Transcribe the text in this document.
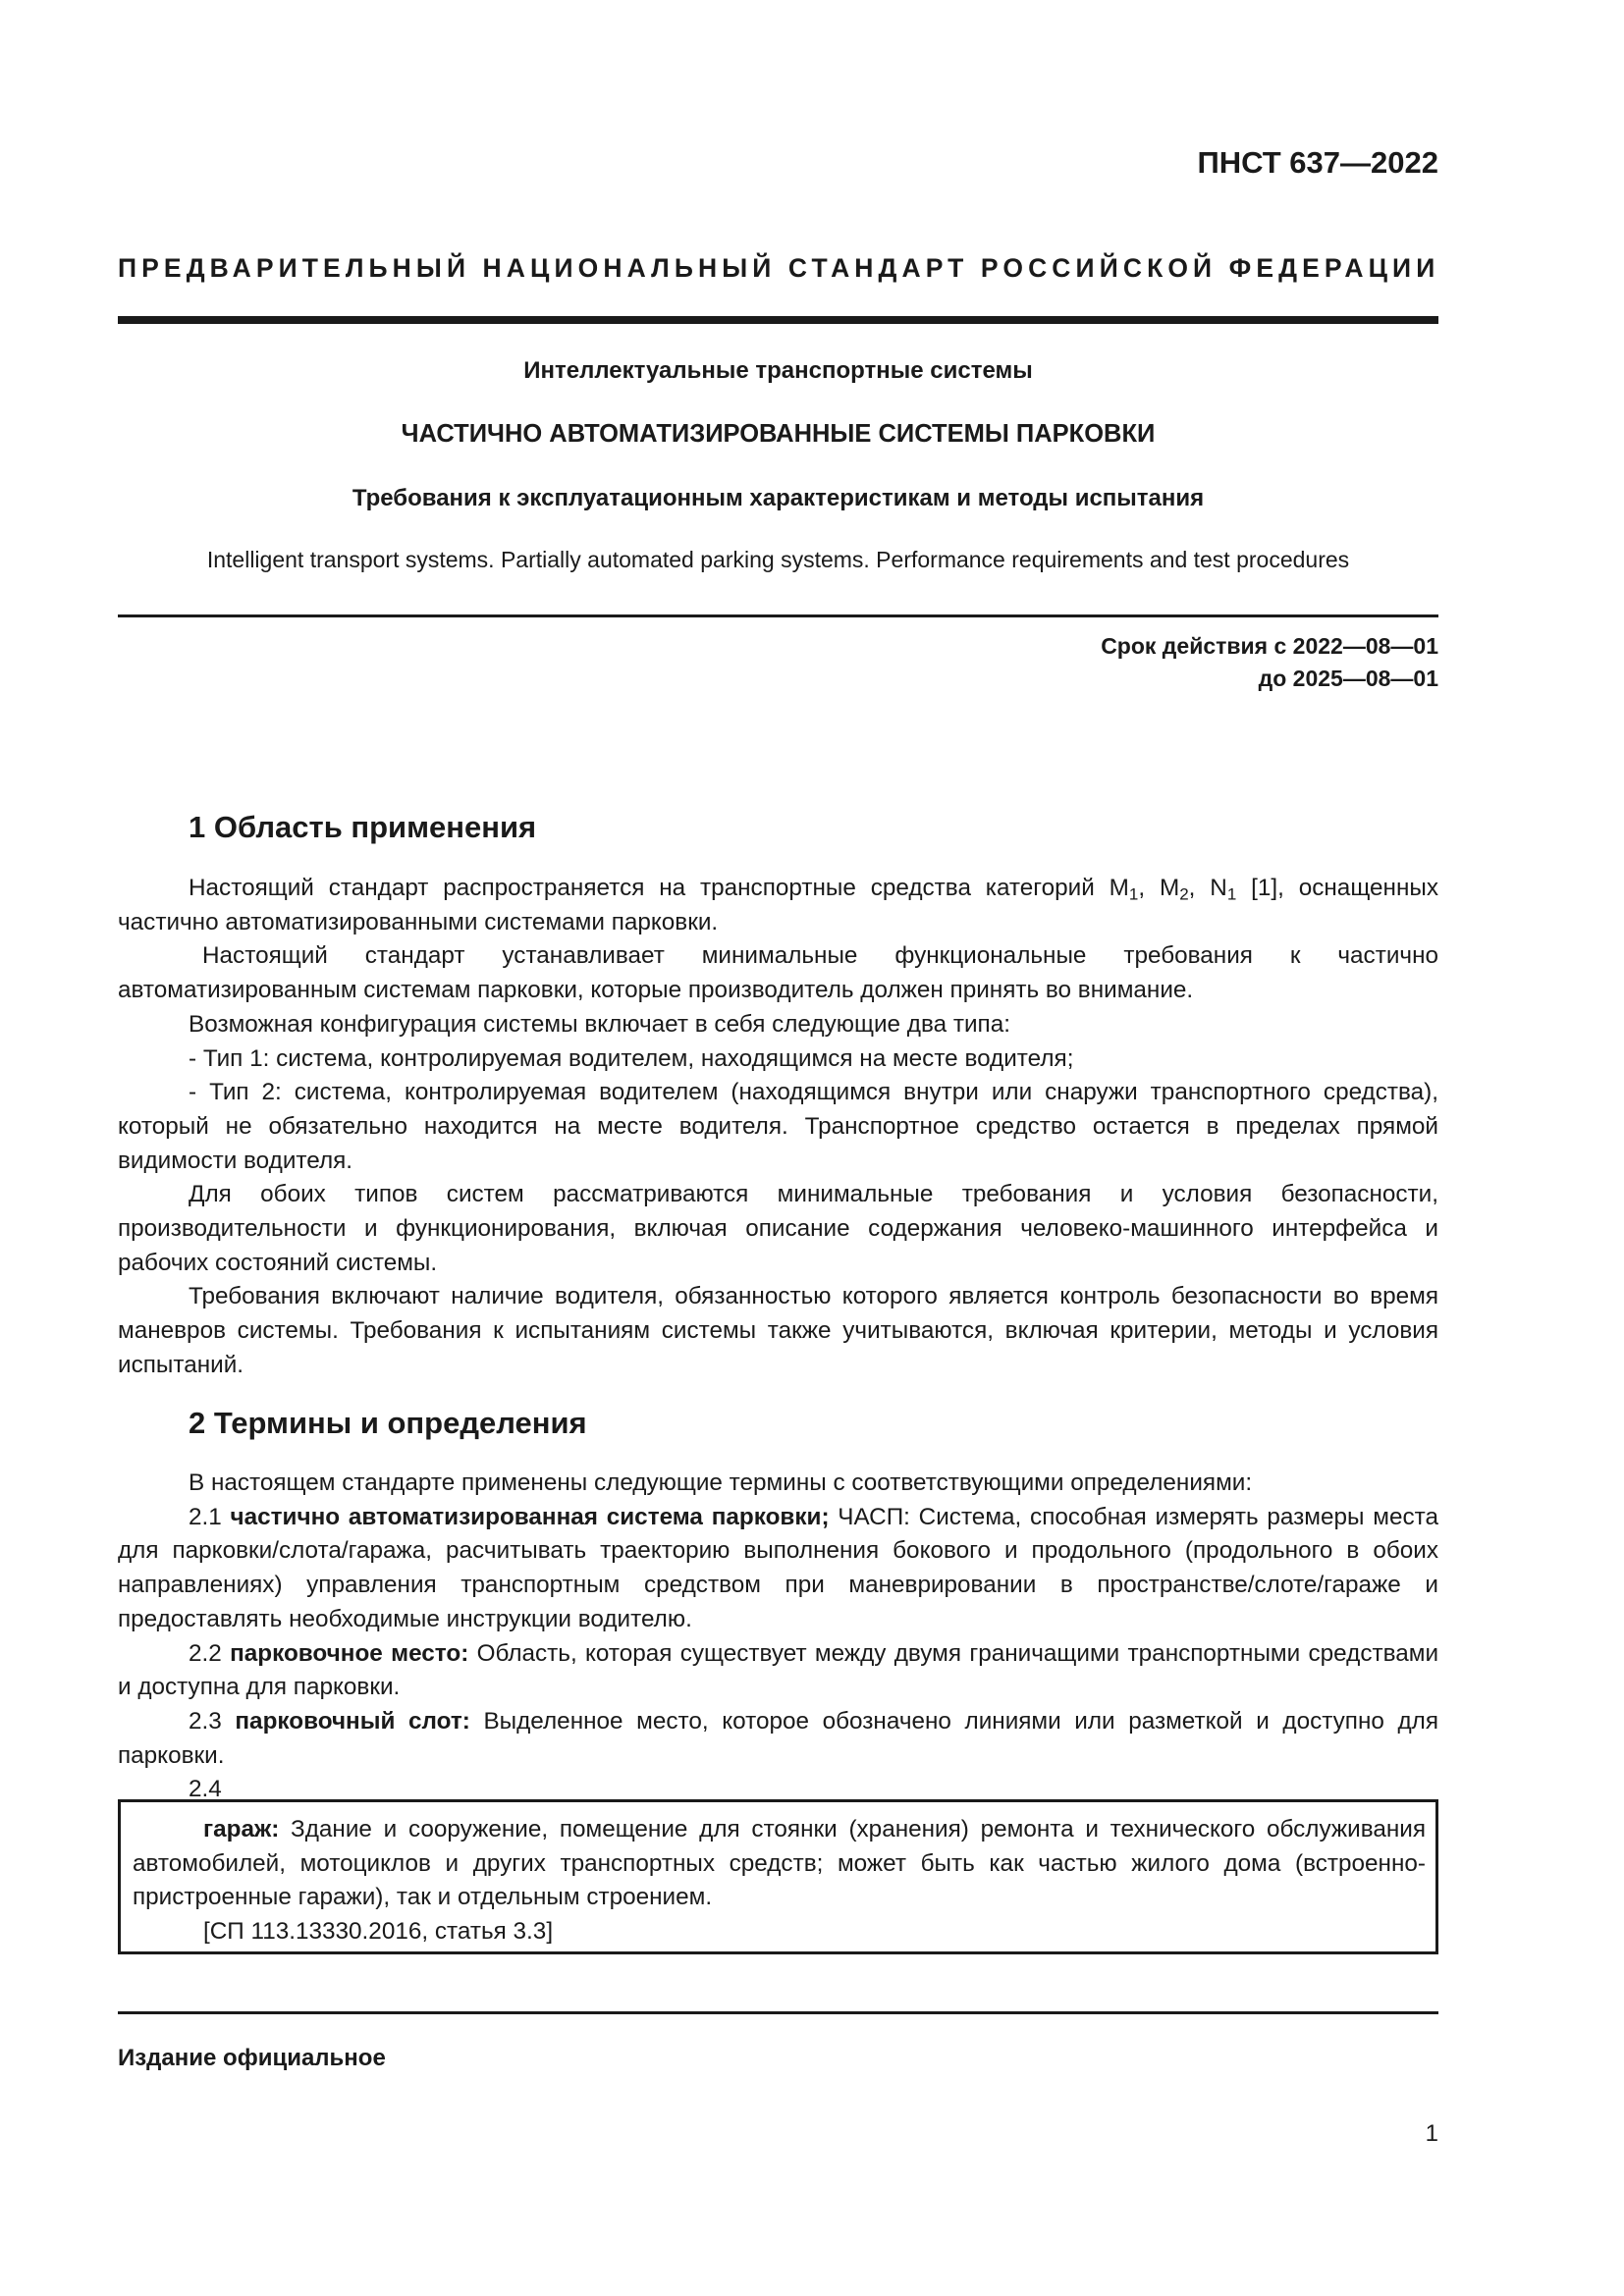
ПНСТ 637—2022
ПРЕДВАРИТЕЛЬНЫЙ НАЦИОНАЛЬНЫЙ СТАНДАРТ РОССИЙСКОЙ ФЕДЕРАЦИИ
Интеллектуальные транспортные системы
ЧАСТИЧНО АВТОМАТИЗИРОВАННЫЕ СИСТЕМЫ ПАРКОВКИ
Требования к эксплуатационным характеристикам и методы испытания
Intelligent transport systems. Partially automated parking systems. Performance requirements and test procedures
Срок действия с 2022—08—01
до 2025—08—01
1 Область применения

Настоящий стандарт распространяется на транспортные средства категорий $M_1$, $M_2$, $N_1$ [1], оснащенных частично автоматизированными системами парковки.

Настоящий стандарт устанавливает минимальные функциональные требования к частично автоматизированным системам парковки, которые производитель должен принять во внимание.

Возможная конфигурация системы включает в себя следующие два типа:

- Тип 1: система, контролируемая водителем, находящимся на месте водителя;

- Тип 2: система, контролируемая водителем (находящимся внутри или снаружи транспортного средства), который не обязательно находится на месте водителя. Транспортное средство остается в пределах прямой видимости водителя.

Для обоих типов систем рассматриваются минимальные требования и условия безопасности, производительности и функционирования, включая описание содержания человеко-машинного интерфейса и рабочих состояний системы.

Требования включают наличие водителя, обязанностью которого является контроль безопасности во время маневров системы. Требования к испытаниям системы также учитываются, включая критерии, методы и условия испытаний.

2 Термины и определения

В настоящем стандарте применены следующие термины с соответствующими определениями:

2.1 частично автоматизированная система парковки; ЧАСП: Система, способная измерять размеры места для парковки/слота/гаража, расчитывать траекторию выполнения бокового и продольного (продольного в обоих направлениях) управления транспортным средством при маневрировании в пространстве/слоте/гараже и предоставлять необходимые инструкции водителю.

2.2 парковочное место: Область, которая существует между двумя граничащими транспортными средствами и доступна для парковки.

2.3 парковочный слот: Выделенное место, которое обозначено линиями или разметкой и доступно для парковки.

2.4

гараж: Здание и сооружение, помещение для стоянки (хранения) ремонта и технического обслуживания автомобилей, мотоциклов и других транспортных средств; может быть как частью жилого дома (встроенно-пристроенные гаражи), так и отдельным строением.

[СП 113.13330.2016, статья 3.3]

Издание официальное
1
